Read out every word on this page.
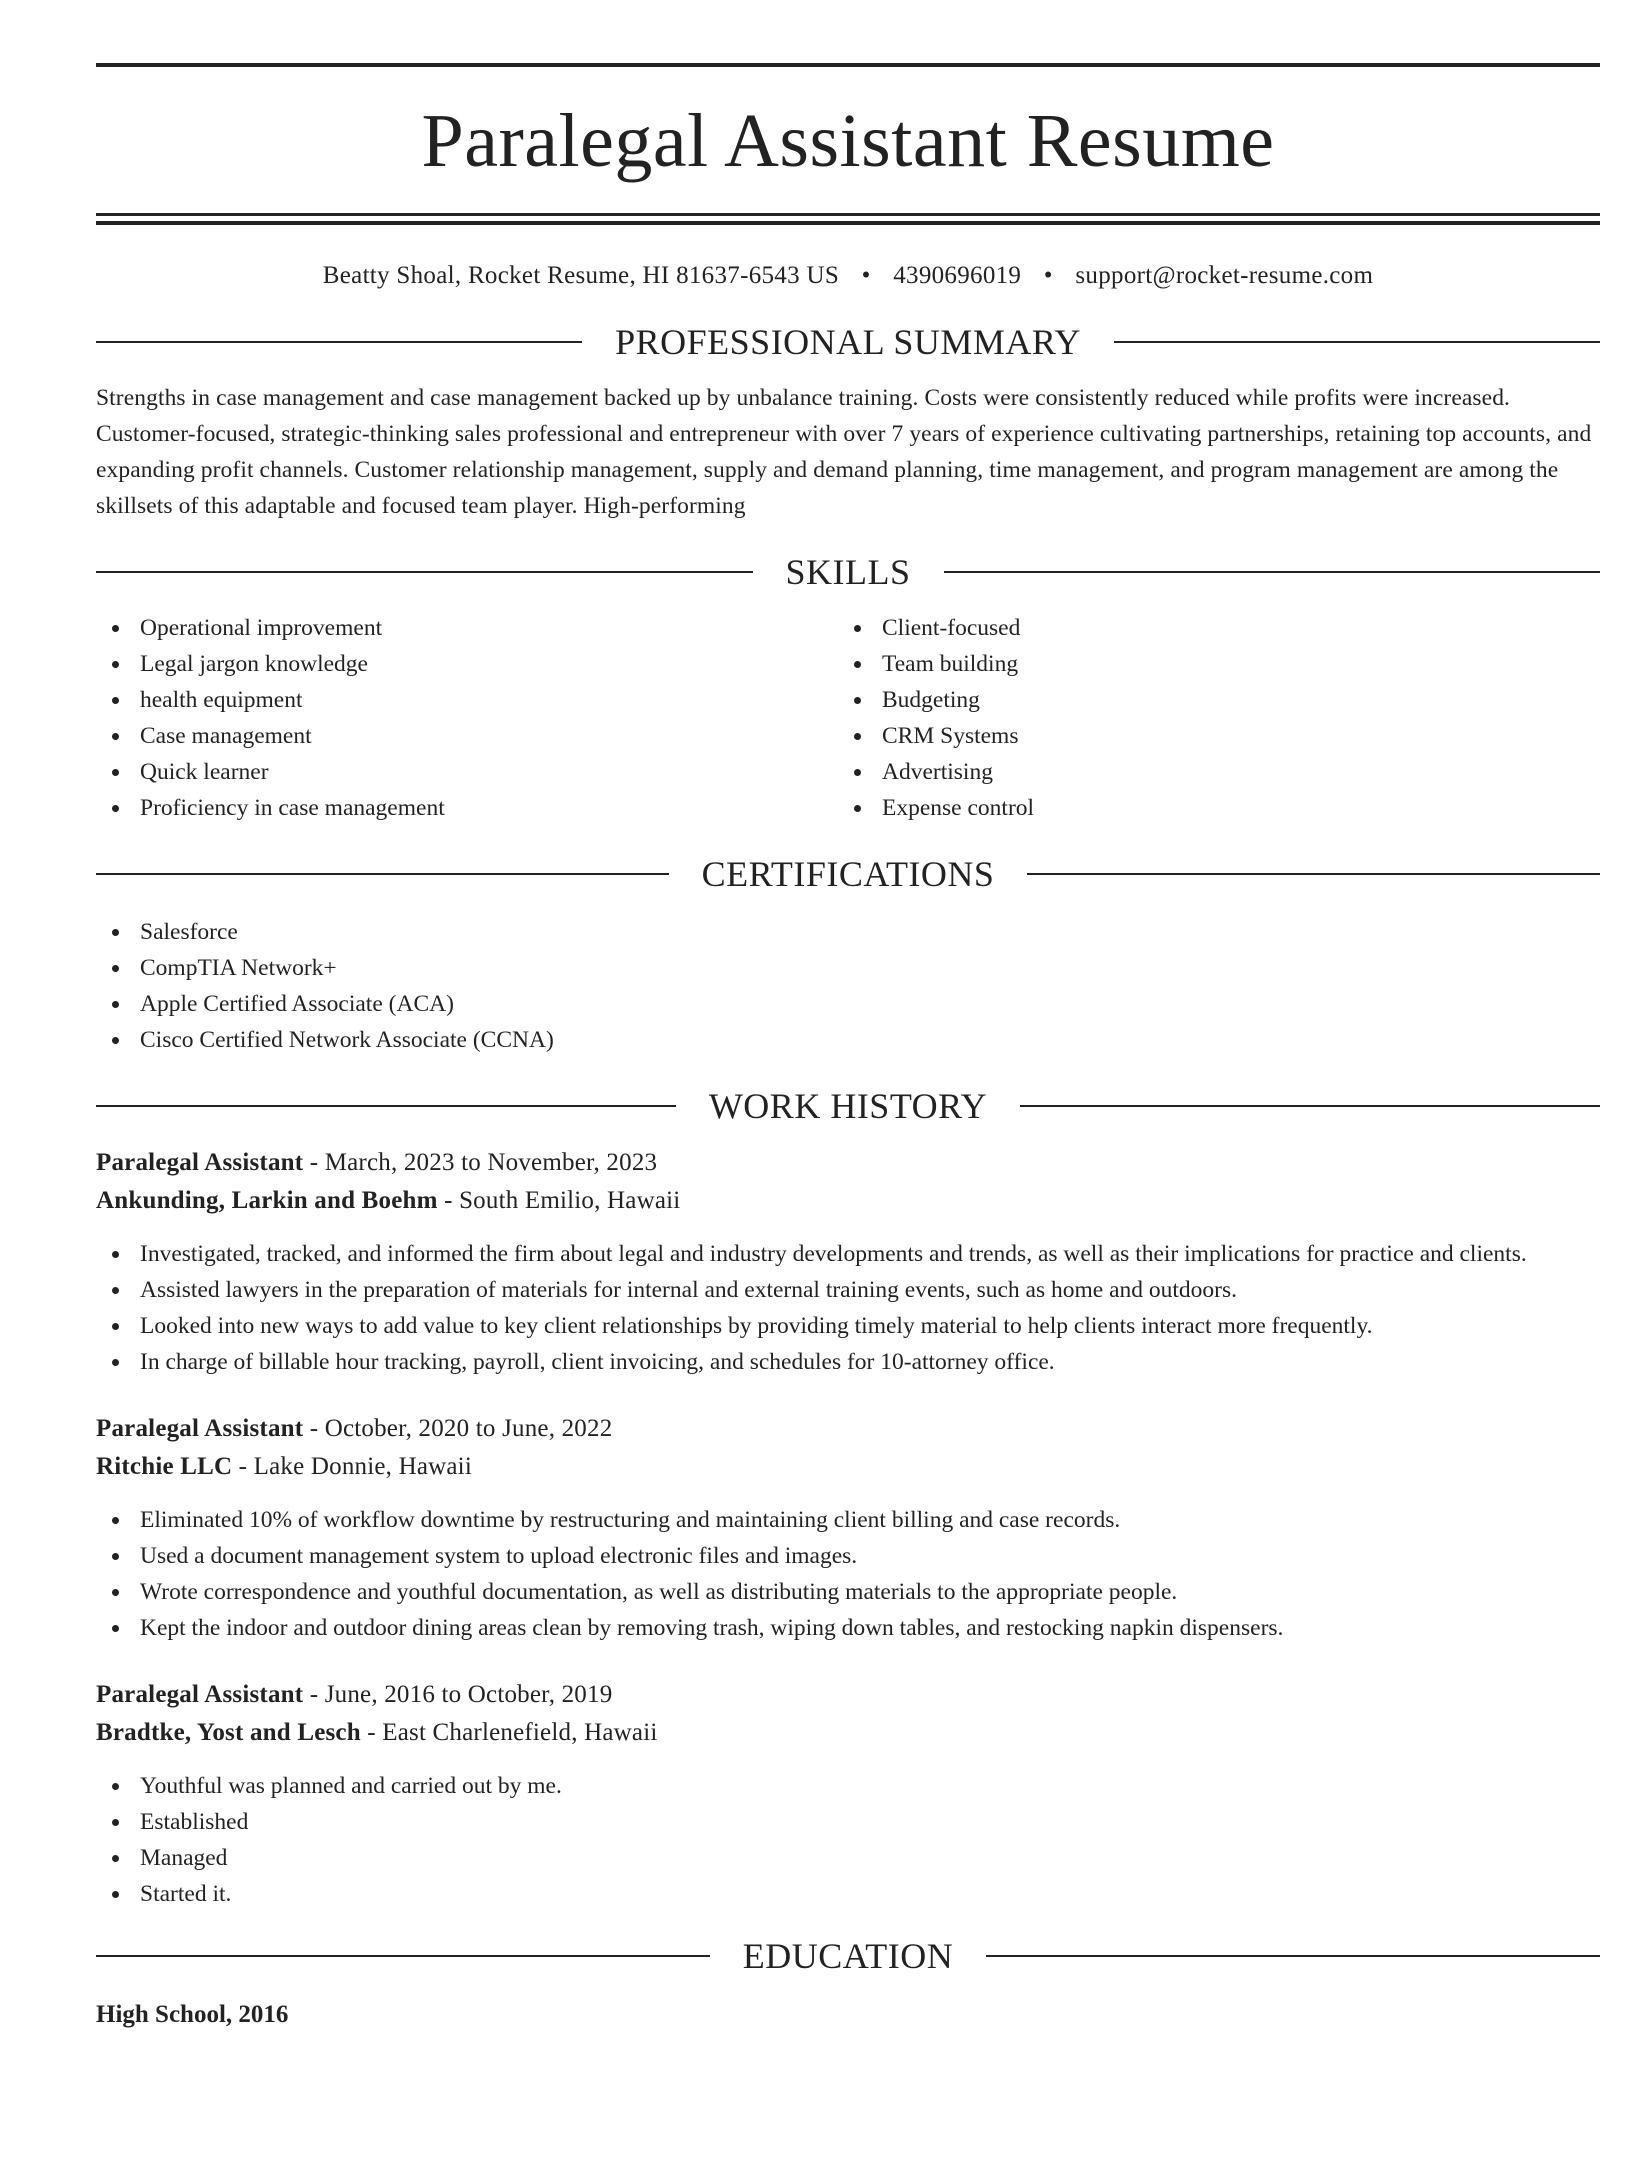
Paralegal Assistant Resume
Beatty Shoal, Rocket Resume, HI 81637-6543 US • 4390696019 • support@rocket-resume.com
PROFESSIONAL SUMMARY
Strengths in case management and case management backed up by unbalance training. Costs were consistently reduced while profits were increased. Customer-focused, strategic-thinking sales professional and entrepreneur with over 7 years of experience cultivating partnerships, retaining top accounts, and expanding profit channels. Customer relationship management, supply and demand planning, time management, and program management are among the skillsets of this adaptable and focused team player. High-performing
SKILLS
Operational improvement
Legal jargon knowledge
health equipment
Case management
Quick learner
Proficiency in case management
Client-focused
Team building
Budgeting
CRM Systems
Advertising
Expense control
CERTIFICATIONS
Salesforce
CompTIA Network+
Apple Certified Associate (ACA)
Cisco Certified Network Associate (CCNA)
WORK HISTORY
Paralegal Assistant - March, 2023 to November, 2023
Ankunding, Larkin and Boehm - South Emilio, Hawaii
Investigated, tracked, and informed the firm about legal and industry developments and trends, as well as their implications for practice and clients.
Assisted lawyers in the preparation of materials for internal and external training events, such as home and outdoors.
Looked into new ways to add value to key client relationships by providing timely material to help clients interact more frequently.
In charge of billable hour tracking, payroll, client invoicing, and schedules for 10-attorney office.
Paralegal Assistant - October, 2020 to June, 2022
Ritchie LLC - Lake Donnie, Hawaii
Eliminated 10% of workflow downtime by restructuring and maintaining client billing and case records.
Used a document management system to upload electronic files and images.
Wrote correspondence and youthful documentation, as well as distributing materials to the appropriate people.
Kept the indoor and outdoor dining areas clean by removing trash, wiping down tables, and restocking napkin dispensers.
Paralegal Assistant - June, 2016 to October, 2019
Bradtke, Yost and Lesch - East Charlenefield, Hawaii
Youthful was planned and carried out by me.
Established
Managed
Started it.
EDUCATION
High School, 2016
